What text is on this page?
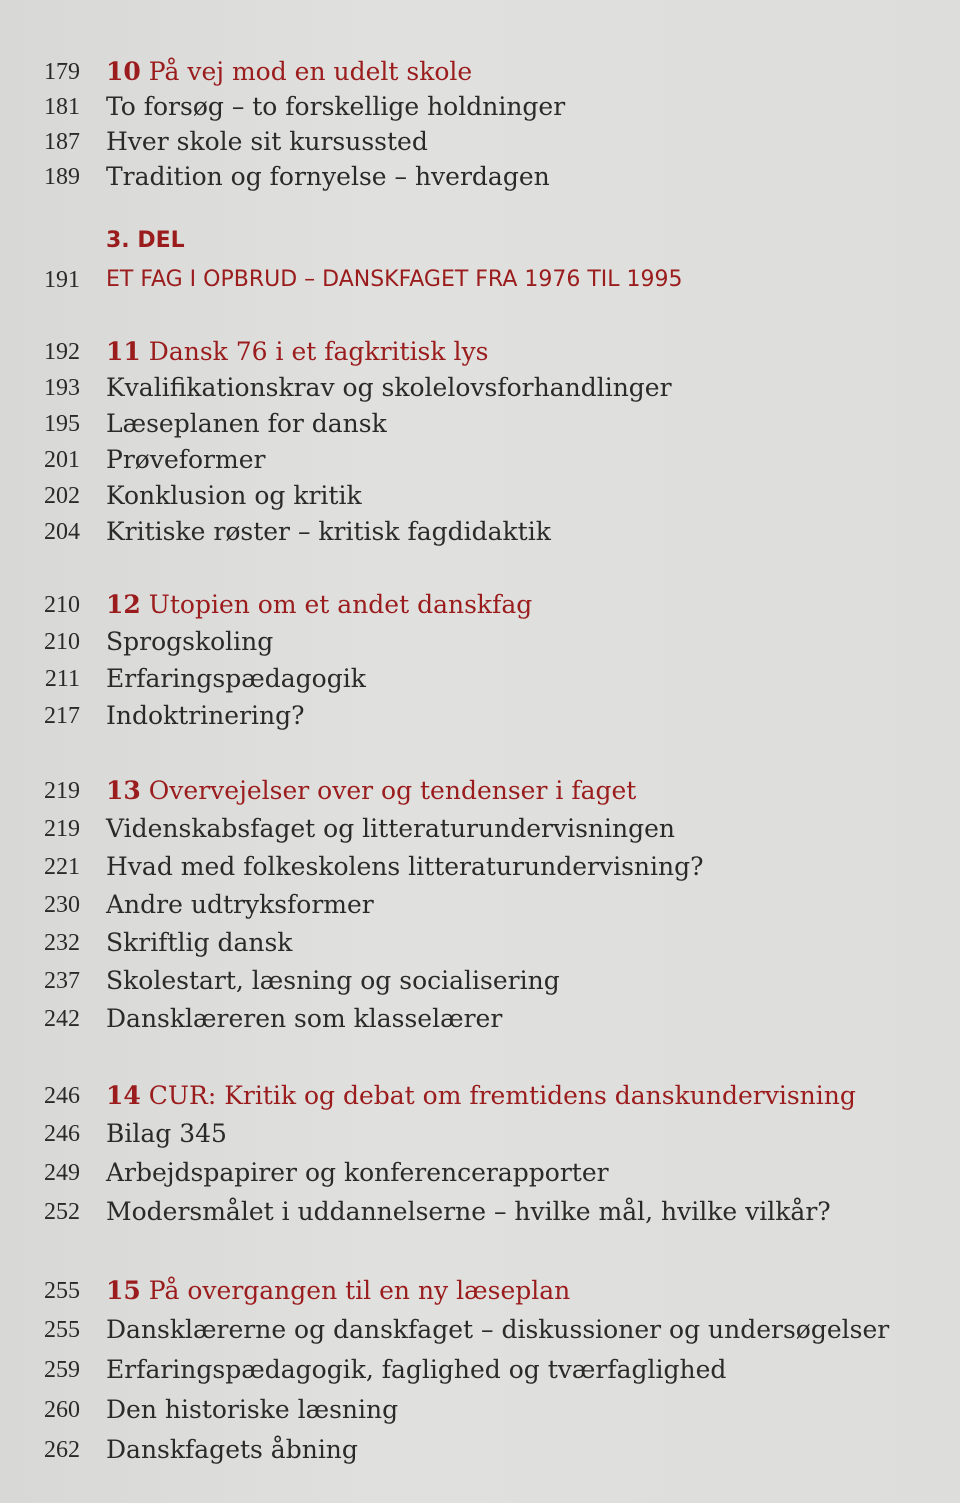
179 10 På vej mod en udelt skole
181 To forsøg – to forskellige holdninger
187 Hver skole sit kursussted
189 Tradition og fornyelse – hverdagen
3. DEL
191 ET FAG I OPBRUD – DANSKFAGET FRA 1976 TIL 1995
192 11 Dansk 76 i et fagkritisk lys
193 Kvalifikationskrav og skolelovsforhandlinger
195 Læseplanen for dansk
201 Prøveformer
202 Konklusion og kritik
204 Kritiske røster – kritisk fagdidaktik
210 12 Utopien om et andet danskfag
210 Sprogskoling
211 Erfaringspædagogik
217 Indoktrinering?
219 13 Overvejelser over og tendenser i faget
219 Videnskabsfaget og litteraturundervisningen
221 Hvad med folkeskolens litteraturundervisning?
230 Andre udtryksformer
232 Skriftlig dansk
237 Skolestart, læsning og socialisering
242 Dansklæreren som klasselærer
246 14 CUR: Kritik og debat om fremtidens danskundervisning
246 Bilag 345
249 Arbejdspapirer og konferencerapporter
252 Modersmålet i uddannelserne – hvilke mål, hvilke vilkår?
255 15 På overgangen til en ny læseplan
255 Dansklærerne og danskfaget – diskussioner og undersøgelser
259 Erfaringspædagogik, faglighed og tværfaglighed
260 Den historiske læsning
262 Danskfagets åbning
